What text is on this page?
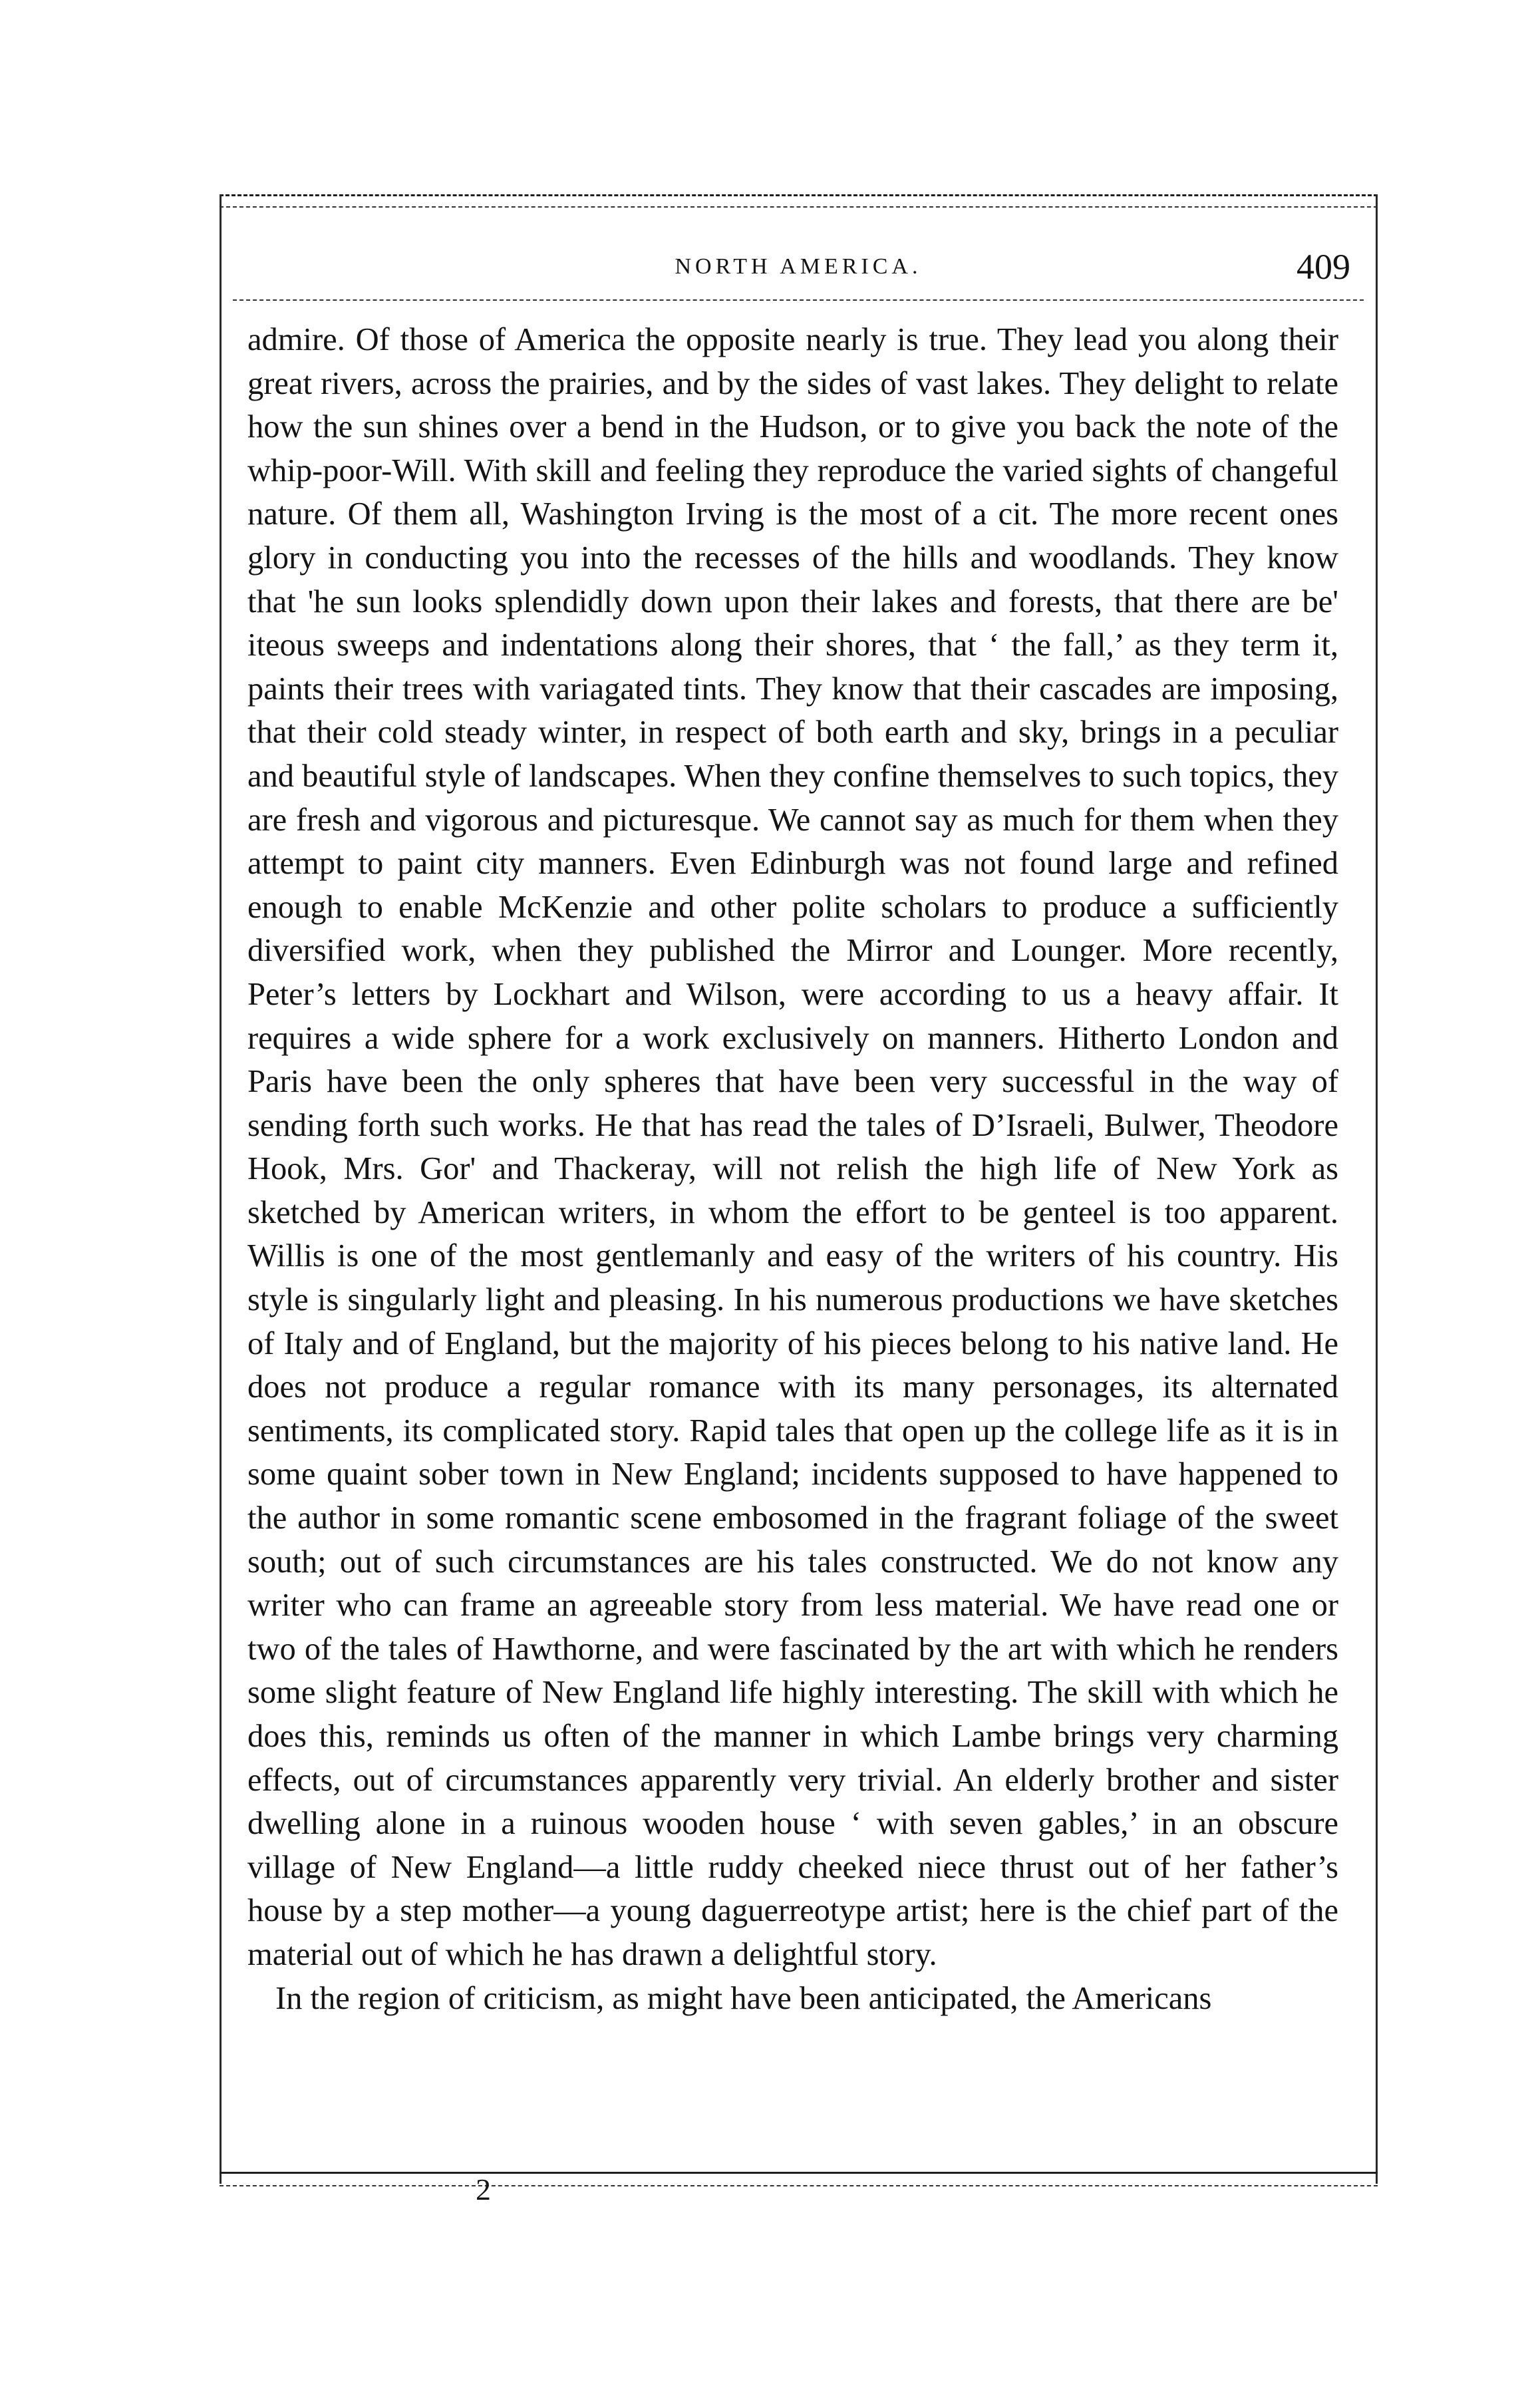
NORTH AMERICA.	409

admire. Of those of America the opposite nearly is true. They lead you along their great rivers, across the prairies, and by the sides of vast lakes. They delight to relate how the sun shines over a bend in the Hudson, or to give you back the note of the whip-poor-Will. With skill and feeling they reproduce the varied sights of changeful nature. Of them all, Washington Irving is the most of a cit. The more recent ones glory in conducting you into the recesses of the hills and woodlands. They know that 'he sun looks splendidly down upon their lakes and forests, that there are be' iteous sweeps and indentations along their shores, that ‘ the fall,’ as they term it, paints their trees with variagated tints. They know that their cascades are imposing, that their cold steady winter, in respect of both earth and sky, brings in a peculiar and beautiful style of landscapes. When they confine themselves to such topics, they are fresh and vigorous and picturesque. We cannot say as much for them when they attempt to paint city manners. Even Edinburgh was not found large and refined enough to enable McKenzie and other polite scholars to produce a sufficiently diversified work, when they published the Mirror and Lounger. More recently, Peter’s letters by Lockhart and Wilson, were according to us a heavy affair. It requires a wide sphere for a work exclusively on manners. Hitherto London and Paris have been the only spheres that have been very successful in the way of sending forth such works. He that has read the tales of D’Israeli, Bulwer, Theodore Hook, Mrs. Gor' and Thackeray, will not relish the high life of New York as sketched by American writers, in whom the effort to be genteel is too apparent. Willis is one of the most gentlemanly and easy of the writers of his country. His style is singularly light and pleasing. In his numerous productions we have sketches of Italy and of England, but the majority of his pieces belong to his native land. He does not produce a regular romance with its many personages, its alternated sentiments, its complicated story. Rapid tales that open up the college life as it is in some quaint sober town in New England; incidents supposed to have happened to the author in some romantic scene embosomed in the fragrant foliage of the sweet south; out of such circumstances are his tales constructed. We do not know any writer who can frame an agreeable story from less material. We have read one or two of the tales of Hawthorne, and were fascinated by the art with which he renders some slight feature of New England life highly interesting. The skill with which he does this, reminds us often of the manner in which Lambe brings very charming effects, out of circumstances apparently very trivial. An elderly brother and sister dwelling alone in a ruinous wooden house ‘ with seven gables,’ in an obscure village of New England—a little ruddy cheeked niece thrust out of her father’s house by a step mother—a young daguerreotype artist; here is the chief part of the material out of which he has drawn a delightful story.

In the region of criticism, as might have been anticipated, the Americans

2
